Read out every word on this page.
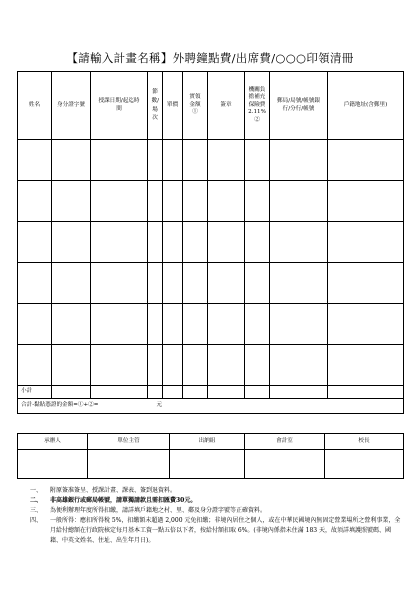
【請輸入計畫名稱】外聘鐘點費/出席費/○○○印領清冊
姓名	身分證字號	授課日期/起迄時間	節數/場次	單價	實領金額①	簽章	機關負擔補充保險費2.11%②	郵局/局號/帳號銀行/分行/帳號	戶籍地址(含郵里)

小計									
合計-黏貼憑證的金額=①+②= 元									
承辦人	單位主管	出納組	會計室	校長

一、 附原簽准簽呈、授課計畫、課表、簽到退資料。
二、 非高雄銀行或郵局帳號，請單獨請款且需扣匯費30元。
三、 為便利辦理年度所得扣繳，請詳填戶籍地之村、里、鄰及身分證字號等正確資料。
四、 一般所得：應扣所得稅 5%，扣繳額未超過 2,000 元免扣繳；非境內居住之個人，或在中華民國境內無固定營業場所之營利事業，全月給付總額在行政院核定每月基本工資一點五倍以下者，按給付額扣取 6%。(非境內係指未住滿 183 天，故須詳填護照號碼、國籍、中英文姓名、住址、出生年月日)。
